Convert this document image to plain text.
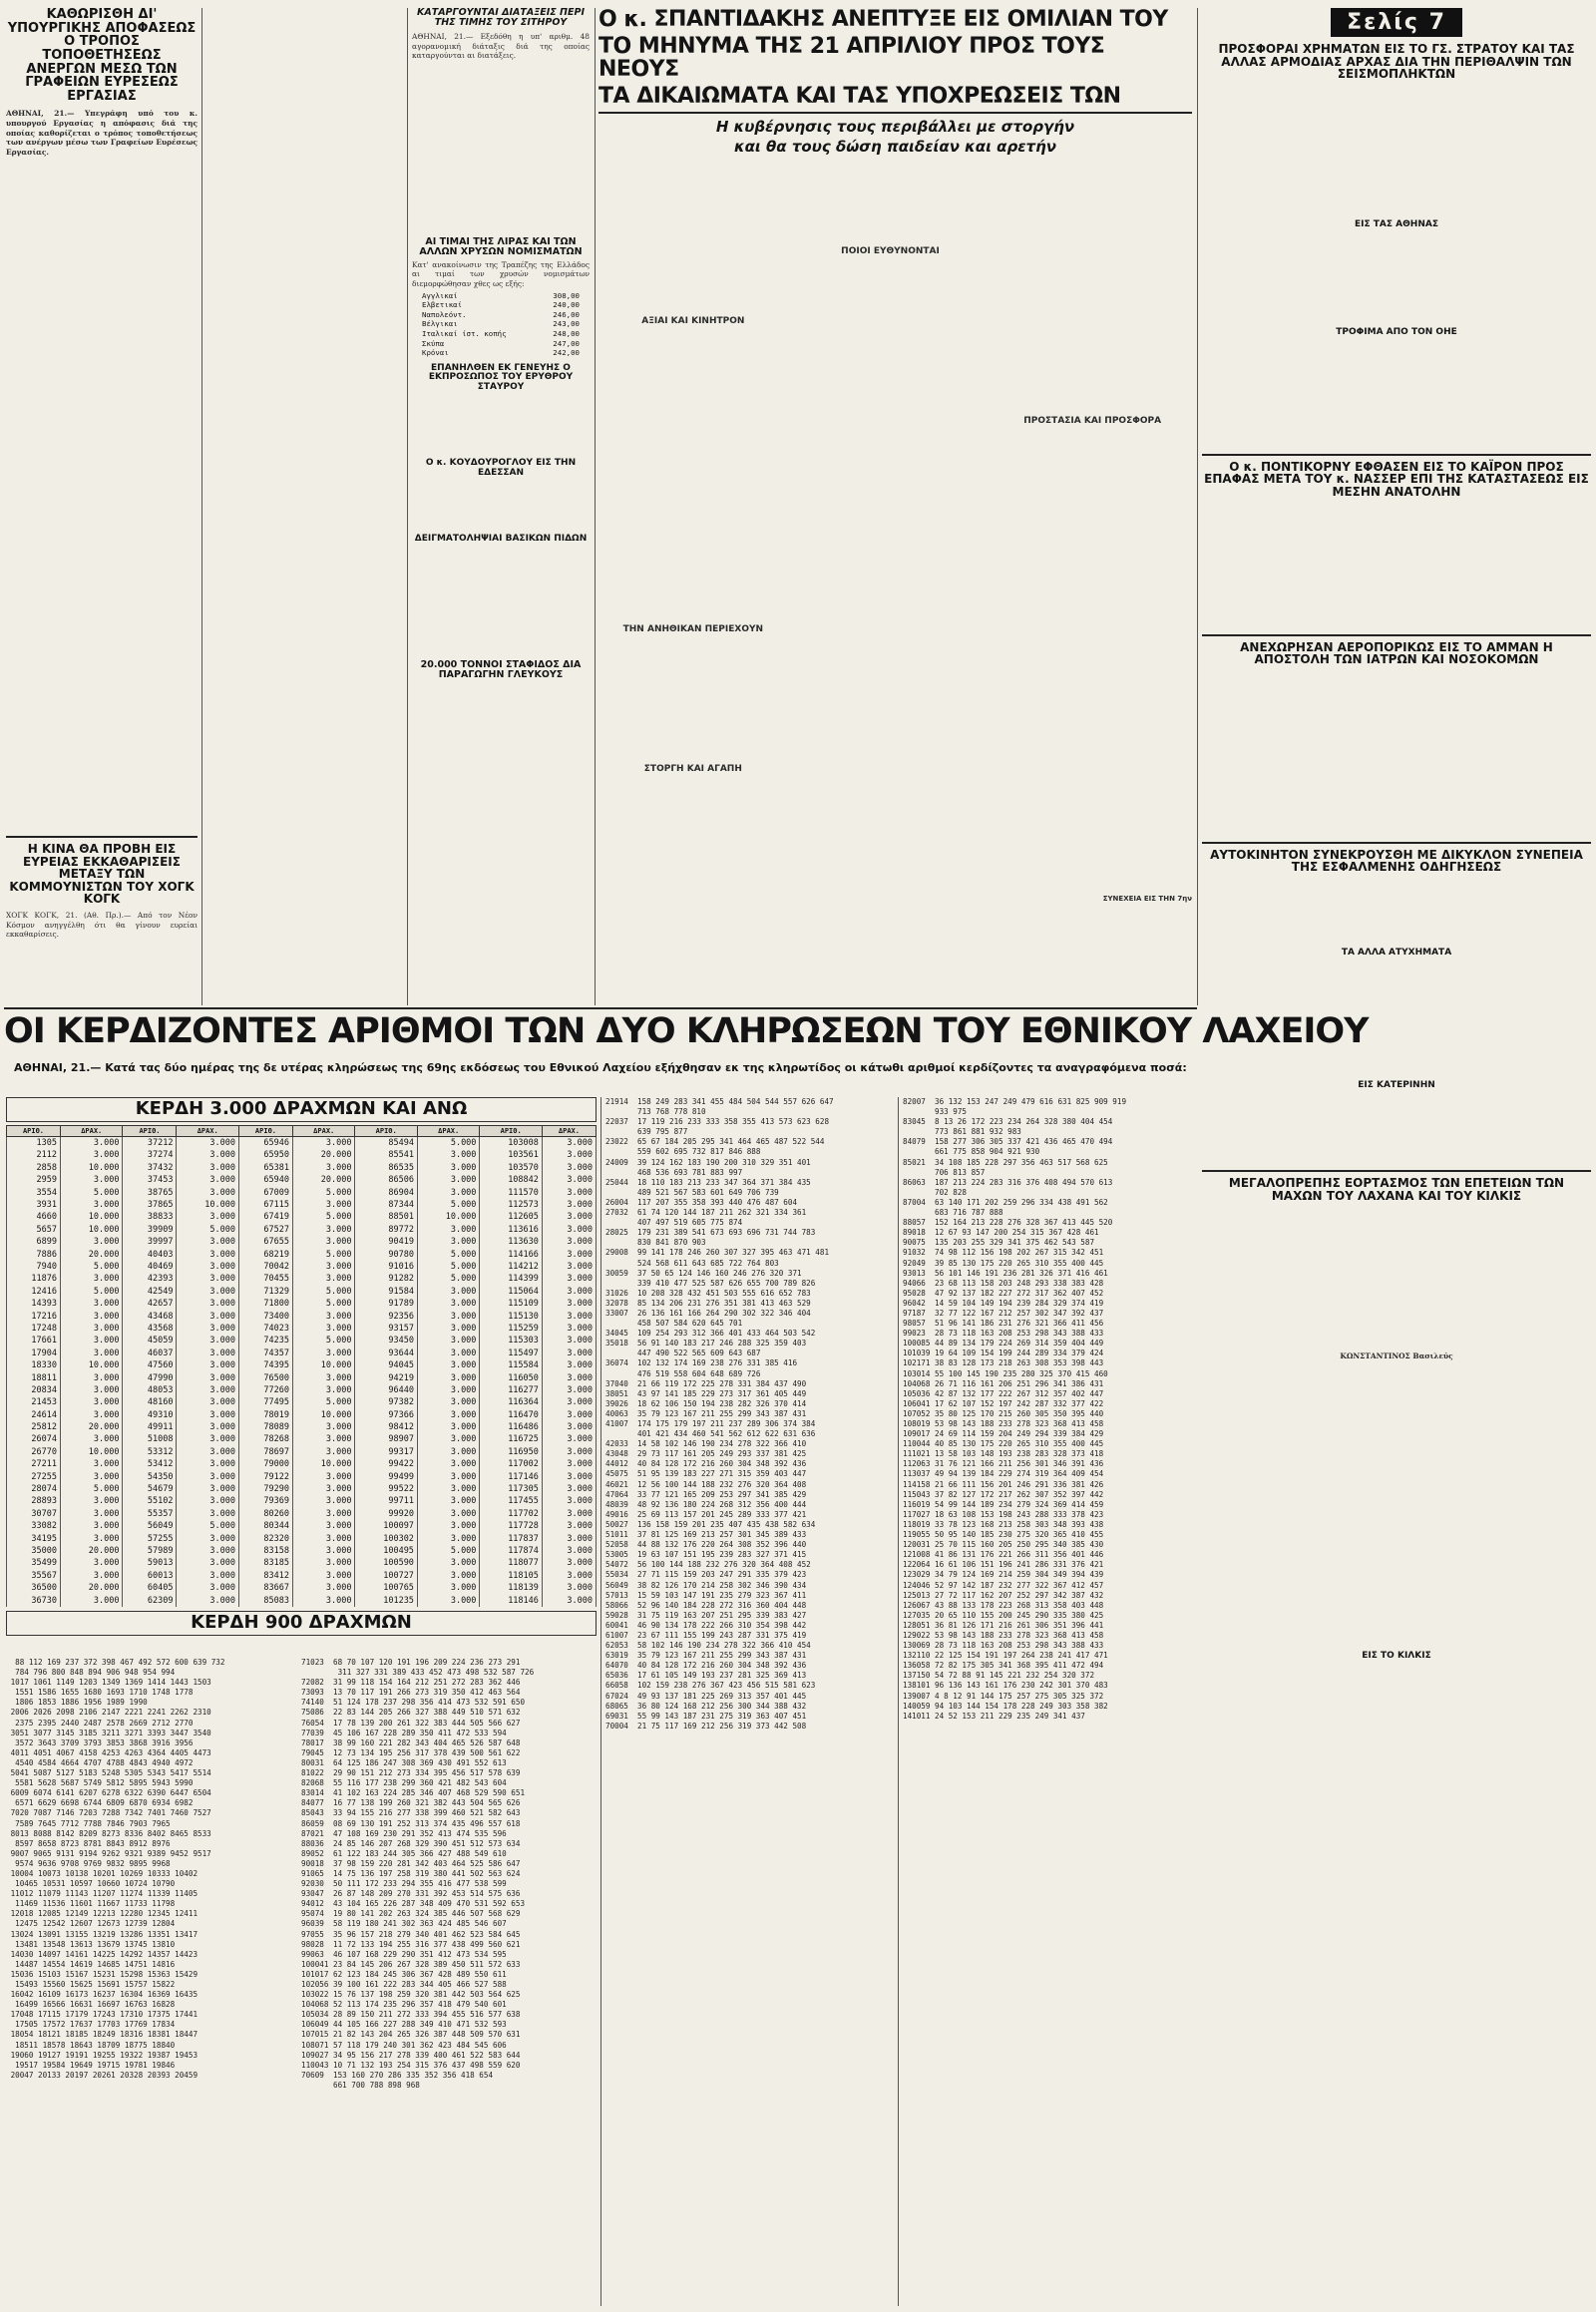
ΚΑΘΩΡΙΣΘΗ ΔΙ' ΥΠΟΥΡΓΙΚΗΣ ΑΠΟΦΑΣΕΩΣ Ο ΤΡΟΠΟΣ ΤΟΠΟΘΕΤΗΣΕΩΣ ΑΝΕΡΓΩΝ ΜΕΣΩ ΤΩΝ ΓΡΑΦΕΙΩΝ ΕΥΡΕΣΕΩΣ ΕΡΓΑΣΙΑΣ
ΑΘΗΝΑΙ, 21.— Υπεγράφη υπό του κ. υπουργού Εργασίας η απόφασις διά της οποίας καθορίζεται ο τρόπος τοποθετήσεως των ανέργων μέσω των Γραφείων Ευρέσεως Εργασίας.
Η ΚΙΝΑ ΘΑ ΠΡΟΒΗ ΕΙΣ ΕΥΡΕΙΑΣ ΕΚΚΑΘΑΡΙΣΕΙΣ ΜΕΤΑΞΥ ΤΩΝ ΚΟΜΜΟΥΝΙΣΤΩΝ ΤΟΥ ΧΟΓΚ ΚΟΓΚ
ΧΟΓΚ ΚΟΓΚ, 21. (Αθ. Πρ.).— Από τον Νέον Κόσμον ανηγγέλθη ότι θα γίνουν ευρείαι εκκαθαρίσεις.
ΚΑΤΑΡΓΟΥΝΤΑΙ ΔΙΑΤΑΞΕΙΣ ΠΕΡΙ ΤΗΣ ΤΙΜΗΣ ΤΟΥ ΣΙΤΗΡΟΥ
ΑΘΗΝΑΙ, 21.— Εξεδόθη η υπ' αριθμ. 48 αγορανομική διάταξις διά της οποίας καταργούνται αι διατάξεις.
ΑΙ ΤΙΜΑΙ ΤΗΣ ΛΙΡΑΣ ΚΑΙ ΤΩΝ ΑΛΛΩΝ ΧΡΥΣΩΝ ΝΟΜΙΣΜΑΤΩΝ
Κατ' ανακοίνωσιν της Τραπέζης της Ελλάδος αι τιμαί των χρυσών νομισμάτων διεμορφώθησαν χθες ως εξής:
Αγγλικαί	308,00
Ελβετικαί	240,00
Ναπολεόντ.	246,00
Βέλγικαι	243,00
Ιταλικαί ίστ. κοπής	248,00
Σκύπα	247,00
Κρόναι	242,00
ΕΠΑΝΗΛΘΕΝ ΕΚ ΓΕΝΕΥΗΣ Ο ΕΚΠΡΟΣΩΠΟΣ ΤΟΥ ΕΡΥΘΡΟΥ ΣΤΑΥΡΟΥ
Ο κ. ΚΟΥΔΟΥΡΟΓΛΟΥ ΕΙΣ ΤΗΝ ΕΔΕΣΣΑΝ
ΔΕΙΓΜΑΤΟΛΗΨΙΑΙ ΒΑΣΙΚΩΝ ΠΙΔΩΝ
20.000 ΤΟΝΝΟΙ ΣΤΑΦΙΔΟΣ ΔΙΑ ΠΑΡΑΓΩΓΗΝ ΓΛΕΥΚΟΥΣ
Ο κ. ΣΠΑΝΤΙΔΑΚΗΣ ΑΝΕΠΤΥΞΕ ΕΙΣ ΟΜΙΛΙΑΝ ΤΟΥ
ΤΟ ΜΗΝΥΜΑ ΤΗΣ 21 ΑΠΡΙΛΙΟΥ ΠΡΟΣ ΤΟΥΣ ΝΕΟΥΣ
ΤΑ ΔΙΚΑΙΩΜΑΤΑ ΚΑΙ ΤΑΣ ΥΠΟΧΡΕΩΣΕΙΣ ΤΩΝ
Η κυβέρνησις τους περιβάλλει με στοργήν
και θα τους δώση παιδείαν και αρετήν
ΑΞΙΑΙ ΚΑΙ ΚΙΝΗΤΡΟΝ
ΤΗΝ ΑΝΗΘΙΚΑΝ ΠΕΡΙΕΧΟΥΝ
ΣΤΟΡΓΗ ΚΑΙ ΑΓΑΠΗ
ΠΟΙΟΙ ΕΥΘΥΝΟΝΤΑΙ
ΠΡΟΣΤΑΣΙΑ ΚΑΙ ΠΡΟΣΦΟΡΑ
ΣΥΝΕΧΕΙΑ ΕΙΣ ΤΗΝ 7ην
Σελίς 7
ΠΡΟΣΦΟΡΑΙ ΧΡΗΜΑΤΩΝ ΕΙΣ ΤΟ ΓΣ. ΣΤΡΑΤΟΥ ΚΑΙ ΤΑΣ ΑΛΛΑΣ ΑΡΜΟΔΙΑΣ ΑΡΧΑΣ ΔΙΑ ΤΗΝ ΠΕΡΙΘΑΛΨΙΝ ΤΩΝ ΣΕΙΣΜΟΠΛΗΚΤΩΝ
ΕΙΣ ΤΑΣ ΑΘΗΝΑΣ
ΤΡΟΦΙΜΑ ΑΠΟ ΤΟΝ ΟΗΕ
Ο κ. ΠΟΝΤΙΚΟΡΝΥ ΕΦΘΑΣΕΝ ΕΙΣ ΤΟ ΚΑΪΡΟΝ ΠΡΟΣ ΕΠΑΦΑΣ ΜΕΤΑ ΤΟΥ κ. ΝΑΣΣΕΡ ΕΠΙ ΤΗΣ ΚΑΤΑΣΤΑΣΕΩΣ ΕΙΣ ΜΕΣΗΝ ΑΝΑΤΟΛΗΝ
ΑΝΕΧΩΡΗΣΑΝ ΑΕΡΟΠΟΡΙΚΩΣ ΕΙΣ ΤΟ ΑΜΜΑΝ Η ΑΠΟΣΤΟΛΗ ΤΩΝ ΙΑΤΡΩΝ ΚΑΙ ΝΟΣΟΚΟΜΩΝ
ΑΥΤΟΚΙΝΗΤΟΝ ΣΥΝΕΚΡΟΥΣΘΗ ΜΕ ΔΙΚΥΚΛΟΝ ΣΥΝΕΠΕΙΑ ΤΗΣ ΕΣΦΑΛΜΕΝΗΣ ΟΔΗΓΗΣΕΩΣ
ΤΑ ΑΛΛΑ ΑΤΥΧΗΜΑΤΑ
ΕΙΣ ΚΑΤΕΡΙΝΗΝ
ΜΕΓΑΛΟΠΡΕΠΗΣ ΕΟΡΤΑΣΜΟΣ ΤΩΝ ΕΠΕΤΕΙΩΝ ΤΩΝ ΜΑΧΩΝ ΤΟΥ ΛΑΧΑΝΑ ΚΑΙ ΤΟΥ ΚΙΛΚΙΣ
ΚΩΝΣΤΑΝΤΙΝΟΣ Βασιλεύς
ΕΙΣ ΤΟ ΚΙΛΚΙΣ
ΟΙ ΚΕΡΔΙΖΟΝΤΕΣ ΑΡΙΘΜΟΙ ΤΩΝ ΔΥΟ ΚΛΗΡΩΣΕΩΝ ΤΟΥ ΕΘΝΙΚΟΥ ΛΑΧΕΙΟΥ
ΑΘΗΝΑΙ, 21.— Κατά τας δύο ημέρας της δε υτέρας κληρώσεως της 69ης εκδόσεως του Εθνικού Λαχείου εξήχθησαν εκ της κληρωτίδος οι κάτωθι αριθμοί κερδίζοντες τα αναγραφόμενα ποσά:
ΚΕΡΔΗ 3.000 ΔΡΑΧΜΩΝ ΚΑΙ ΑΝΩ
ΑΡΙΘ.	ΔΡΑΧ.	ΑΡΙΘ.	ΔΡΑΧ.	ΑΡΙΘ.	ΔΡΑΧ.	ΑΡΙΘ.	ΔΡΑΧ.	ΑΡΙΘ.	ΔΡΑΧ.
1305	3.000	37212	3.000	65946	3.000	85494	5.000	103008	3.000
2112	3.000	37274	3.000	65950	20.000	85541	3.000	103561	3.000
2858	10.000	37432	3.000	65381	3.000	86535	3.000	103570	3.000
2959	3.000	37453	3.000	65940	20.000	86506	3.000	108842	3.000
3554	5.000	38765	3.000	67009	5.000	86904	3.000	111570	3.000
3931	3.000	37865	10.000	67115	3.000	87344	5.000	112573	3.000
4660	10.000	38833	3.000	67419	5.000	88501	10.000	112605	3.000
5657	10.000	39909	5.000	67527	3.000	89772	3.000	113616	3.000
6899	3.000	39997	3.000	67655	3.000	90419	3.000	113630	3.000
7886	20.000	40403	3.000	68219	5.000	90780	5.000	114166	3.000
7940	5.000	40469	3.000	70042	3.000	91016	5.000	114212	3.000
11876	3.000	42393	3.000	70455	3.000	91282	5.000	114399	3.000
12416	5.000	42549	3.000	71329	5.000	91584	3.000	115064	3.000
14393	3.000	42657	3.000	71800	5.000	91789	3.000	115109	3.000
17216	3.000	43468	3.000	73400	3.000	92356	3.000	115130	3.000
17248	3.000	43568	3.000	74023	3.000	93157	3.000	115259	3.000
17661	3.000	45059	3.000	74235	5.000	93450	3.000	115303	3.000
17904	3.000	46037	3.000	74357	3.000	93644	3.000	115497	3.000
18330	10.000	47560	3.000	74395	10.000	94045	3.000	115584	3.000
18811	3.000	47990	3.000	76500	3.000	94219	3.000	116050	3.000
20834	3.000	48053	3.000	77260	3.000	96440	3.000	116277	3.000
21453	3.000	48160	3.000	77495	5.000	97382	3.000	116364	3.000
24614	3.000	49310	3.000	78019	10.000	97366	3.000	116470	3.000
25812	20.000	49911	3.000	78089	3.000	98412	3.000	116486	3.000
26074	3.000	51008	3.000	78268	3.000	98907	3.000	116725	3.000
26770	10.000	53312	3.000	78697	3.000	99317	3.000	116950	3.000
27211	3.000	53412	3.000	79000	10.000	99422	3.000	117002	3.000
27255	3.000	54350	3.000	79122	3.000	99499	3.000	117146	3.000
28074	5.000	54679	3.000	79290	3.000	99522	3.000	117305	3.000
28893	3.000	55102	3.000	79369	3.000	99711	3.000	117455	3.000
30707	3.000	55357	3.000	80260	3.000	99920	3.000	117702	3.000
33082	3.000	56049	5.000	80344	3.000	100097	3.000	117728	3.000
34195	3.000	57255	3.000	82320	3.000	100302	3.000	117837	3.000
35000	20.000	57989	3.000	83158	3.000	100495	5.000	117874	3.000
35499	3.000	59013	3.000	83185	3.000	100590	3.000	118077	3.000
35567	3.000	60013	3.000	83412	3.000	100727	3.000	118105	3.000
36500	20.000	60405	3.000	83667	3.000	100765	3.000	118139	3.000
36730	3.000	62309	3.000	85083	3.000	101235	3.000	118146	3.000
ΚΕΡΔΗ 900 ΔΡΑΧΜΩΝ
88 112 169 237 372 398 467 492 572 600 639 732
784 796 800 848 894 906 948 954 994
1017 1061 1149 1203 1349 1369 1414 1443 1503
1551 1586 1655 1680 1693 1710 1748 1778
1806 1853 1886 1956 1989 1990
2006 2026 2098 2106 2147 2221 2241 2262 2310
2375 2395 2440 2487 2578 2669 2712 2770
3051 3077 3145 3185 3211 3271 3393 3447 3540
3572 3643 3709 3793 3853 3868 3916 3956
4011 4051 4067 4158 4253 4263 4364 4405 4473
4540 4584 4664 4707 4788 4843 4940 4972
5041 5087 5127 5183 5248 5305 5343 5417 5514
5581 5628 5687 5749 5812 5895 5943 5990
6009 6074 6141 6207 6278 6322 6390 6447 6504
6571 6629 6698 6744 6809 6870 6934 6982
7020 7087 7146 7203 7288 7342 7401 7460 7527
7589 7645 7712 7788 7846 7903 7965
8013 8088 8142 8209 8273 8336 8402 8465 8533
8597 8658 8723 8781 8843 8912 8976
9007 9065 9131 9194 9262 9321 9389 9452 9517
9574 9636 9708 9769 9832 9895 9968
10004 10073 10138 10201 10269 10333 10402
10465 10531 10597 10660 10724 10790
11012 11079 11143 11207 11274 11339 11405
11469 11536 11601 11667 11733 11798
12018 12085 12149 12213 12280 12345 12411
12475 12542 12607 12673 12739 12804
13024 13091 13155 13219 13286 13351 13417
13481 13548 13613 13679 13745 13810
14030 14097 14161 14225 14292 14357 14423
14487 14554 14619 14685 14751 14816
15036 15103 15167 15231 15298 15363 15429
15493 15560 15625 15691 15757 15822
16042 16109 16173 16237 16304 16369 16435
16499 16566 16631 16697 16763 16828
17048 17115 17179 17243 17310 17375 17441
17505 17572 17637 17703 17769 17834
18054 18121 18185 18249 18316 18381 18447
18511 18578 18643 18709 18775 18840
19060 19127 19191 19255 19322 19387 19453
19517 19584 19649 19715 19781 19846
20047 20133 20197 20261 20328 20393 20459
71023  68 70 107 120 191 196 209 224 236 273 291
311 327 331 389 433 452 473 498 532 587 726
72082  31 99 118 154 164 212 251 272 283 362 446
73093  13 70 117 191 266 273 319 350 412 463 564
74140  51 124 178 237 298 356 414 473 532 591 650
75086  22 83 144 205 266 327 388 449 510 571 632
76054  17 78 139 200 261 322 383 444 505 566 627
77039  45 106 167 228 289 350 411 472 533 594
78017  38 99 160 221 282 343 404 465 526 587 648
79045  12 73 134 195 256 317 378 439 500 561 622
80031  64 125 186 247 308 369 430 491 552 613
81022  29 90 151 212 273 334 395 456 517 578 639
82068  55 116 177 238 299 360 421 482 543 604
83014  41 102 163 224 285 346 407 468 529 590 651
84077  16 77 138 199 260 321 382 443 504 565 626
85043  33 94 155 216 277 338 399 460 521 582 643
86059  08 69 130 191 252 313 374 435 496 557 618
87021  47 108 169 230 291 352 413 474 535 596
88036  24 85 146 207 268 329 390 451 512 573 634
89052  61 122 183 244 305 366 427 488 549 610
90018  37 98 159 220 281 342 403 464 525 586 647
91065  14 75 136 197 258 319 380 441 502 563 624
92030  50 111 172 233 294 355 416 477 538 599
93047  26 87 148 209 270 331 392 453 514 575 636
94012  43 104 165 226 287 348 409 470 531 592 653
95074  19 80 141 202 263 324 385 446 507 568 629
96039  58 119 180 241 302 363 424 485 546 607
97055  35 96 157 218 279 340 401 462 523 584 645
98028  11 72 133 194 255 316 377 438 499 560 621
99063  46 107 168 229 290 351 412 473 534 595
100041 23 84 145 206 267 328 389 450 511 572 633
101017 62 123 184 245 306 367 428 489 550 611
102056 39 100 161 222 283 344 405 466 527 588
103022 15 76 137 198 259 320 381 442 503 564 625
104068 52 113 174 235 296 357 418 479 540 601
105034 28 89 150 211 272 333 394 455 516 577 638
106049 44 105 166 227 288 349 410 471 532 593
107015 21 82 143 204 265 326 387 448 509 570 631
108071 57 118 179 240 301 362 423 484 545 606
109027 34 95 156 217 278 339 400 461 522 583 644
110043 10 71 132 193 254 315 376 437 498 559 620
70609  153 160 270 286 335 352 356 418 654
661 700 788 898 968
21914  158 249 283 341 455 484 504 544 557 626 647
713 768 778 810
22037  17 119 216 233 333 358 355 413 573 623 628
639 795 877
23022  65 67 184 205 295 341 464 465 487 522 544
559 602 695 732 817 846 888
24009  39 124 162 183 190 200 310 329 351 401
468 536 693 781 883 997
25044  18 110 183 213 233 347 364 371 384 435
489 521 567 583 601 649 706 739
26004  117 207 355 358 393 440 476 487 604
27032  61 74 120 144 187 211 262 321 334 361
407 497 519 605 775 874
28025  179 231 389 541 673 693 696 731 744 783
830 841 870 903
29008  99 141 178 246 260 307 327 395 463 471 481
524 568 611 643 685 722 764 803
30059  37 50 65 124 146 160 246 276 320 371
339 410 477 525 587 626 655 700 789 826
31026  10 208 328 432 451 503 555 616 652 783
32078  85 134 206 231 276 351 381 413 463 529
33007  26 136 161 166 264 290 302 322 346 404
458 507 584 620 645 701
34045  109 254 293 312 366 401 433 464 503 542
35018  56 91 140 183 217 246 288 325 359 403
447 490 522 565 609 643 687
36074  102 132 174 169 238 276 331 385 416
476 519 558 604 648 689 726
37040  21 66 119 172 225 278 331 384 437 490
38051  43 97 141 185 229 273 317 361 405 449
39026  18 62 106 150 194 238 282 326 370 414
40063  35 79 123 167 211 255 299 343 387 431
41007  174 175 179 197 211 237 289 306 374 384
401 421 434 460 541 562 612 622 631 636
42033  14 58 102 146 190 234 278 322 366 410
43048  29 73 117 161 205 249 293 337 381 425
44012  40 84 128 172 216 260 304 348 392 436
45075  51 95 139 183 227 271 315 359 403 447
46021  12 56 100 144 188 232 276 320 364 408
47064  33 77 121 165 209 253 297 341 385 429
48039  48 92 136 180 224 268 312 356 400 444
49016  25 69 113 157 201 245 289 333 377 421
50027  136 158 159 201 235 407 435 438 582 634
51011  37 81 125 169 213 257 301 345 389 433
52058  44 88 132 176 220 264 308 352 396 440
53005  19 63 107 151 195 239 283 327 371 415
54072  56 100 144 188 232 276 320 364 408 452
55034  27 71 115 159 203 247 291 335 379 423
56049  38 82 126 170 214 258 302 346 390 434
57013  15 59 103 147 191 235 279 323 367 411
58066  52 96 140 184 228 272 316 360 404 448
59028  31 75 119 163 207 251 295 339 383 427
60041  46 90 134 178 222 266 310 354 398 442
61007  23 67 111 155 199 243 287 331 375 419
62053  58 102 146 190 234 278 322 366 410 454
63019  35 79 123 167 211 255 299 343 387 431
64070  40 84 128 172 216 260 304 348 392 436
65036  17 61 105 149 193 237 281 325 369 413
66058  102 159 238 276 367 423 456 515 581 623
67024  49 93 137 181 225 269 313 357 401 445
68065  36 80 124 168 212 256 300 344 388 432
69031  55 99 143 187 231 275 319 363 407 451
70004  21 75 117 169 212 256 319 373 442 508
82007  36 132 153 247 249 479 616 631 825 909 919
933 975
83045  8 13 26 172 223 234 264 328 380 404 454
773 861 881 932 983
84079  158 277 306 305 337 421 436 465 470 494
661 775 858 904 921 930
85021  34 108 185 228 297 356 463 517 568 625
706 813 857
86063  187 213 224 283 316 376 408 494 570 613
702 828
87004  63 140 171 202 259 296 334 438 491 562
683 716 787 888
88057  152 164 213 228 276 328 367 413 445 520
89018  12 67 93 147 200 254 315 367 428 461
90075  135 203 255 329 341 375 462 543 587
91032  74 98 112 156 198 202 267 315 342 451
92049  39 85 130 175 220 265 310 355 400 445
93013  56 101 146 191 236 281 326 371 416 461
94066  23 68 113 158 203 248 293 338 383 428
95028  47 92 137 182 227 272 317 362 407 452
96042  14 59 104 149 194 239 284 329 374 419
97187  32 77 122 167 212 257 302 347 392 437
98057  51 96 141 186 231 276 321 366 411 456
99023  28 73 118 163 208 253 298 343 388 433
100085 44 89 134 179 224 269 314 359 404 449
101039 19 64 109 154 199 244 289 334 379 424
102171 38 83 128 173 218 263 308 353 398 443
103014 55 100 145 190 235 280 325 370 415 460
104068 26 71 116 161 206 251 296 341 386 431
105036 42 87 132 177 222 267 312 357 402 447
106041 17 62 107 152 197 242 287 332 377 422
107052 35 80 125 170 215 260 305 350 395 440
108019 53 98 143 188 233 278 323 368 413 458
109017 24 69 114 159 204 249 294 339 384 429
110044 40 85 130 175 220 265 310 355 400 445
111021 13 58 103 148 193 238 283 328 373 418
112063 31 76 121 166 211 256 301 346 391 436
113037 49 94 139 184 229 274 319 364 409 454
114158 21 66 111 156 201 246 291 336 381 426
115043 37 82 127 172 217 262 307 352 397 442
116019 54 99 144 189 234 279 324 369 414 459
117027 18 63 108 153 198 243 288 333 378 423
118019 33 78 123 168 213 258 303 348 393 438
119055 50 95 140 185 230 275 320 365 410 455
120031 25 70 115 160 205 250 295 340 385 430
121008 41 86 131 176 221 266 311 356 401 446
122064 16 61 106 151 196 241 286 331 376 421
123029 34 79 124 169 214 259 304 349 394 439
124046 52 97 142 187 232 277 322 367 412 457
125013 27 72 117 162 207 252 297 342 387 432
126067 43 88 133 178 223 268 313 358 403 448
127035 20 65 110 155 200 245 290 335 380 425
128051 36 81 126 171 216 261 306 351 396 441
129022 53 98 143 188 233 278 323 368 413 458
130069 28 73 118 163 208 253 298 343 388 433
132110 22 125 154 191 197 264 238 241 417 471
136058 72 82 175 305 341 368 395 411 472 494
137150 54 72 88 91 145 221 232 254 320 372
138101 96 136 143 161 176 230 242 301 370 483
139007 4 8 12 91 144 175 257 275 305 325 372
140059 94 103 144 154 178 228 249 303 358 382
141011 24 52 153 211 229 235 249 341 437
